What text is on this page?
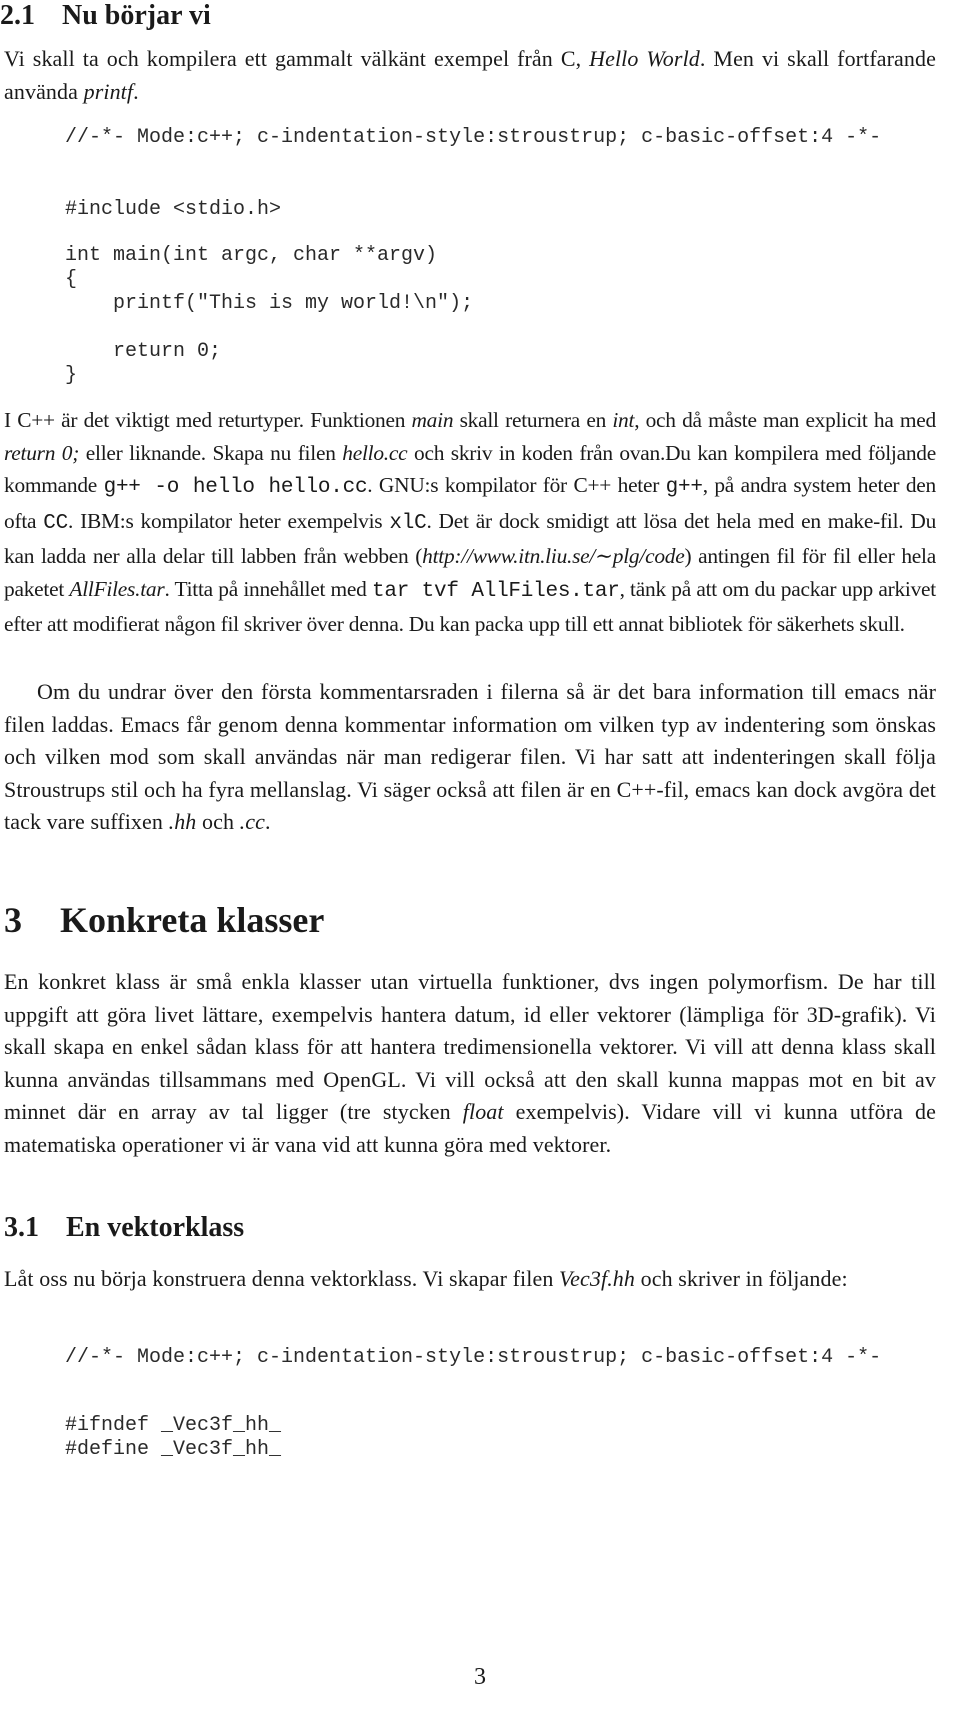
2.1 Nu börjar vi
Vi skall ta och kompilera ett gammalt välkänt exempel från C, Hello World. Men vi skall fortfarande använda printf.
//-*- Mode:c++; c-indentation-style:stroustrup; c-basic-offset:4 -*-
#include <stdio.h>
int main(int argc, char **argv)
{
printf("This is my world!\n");
return 0;
}
I C++ är det viktigt med returtyper. Funktionen main skall returnera en int, och då måste man explicit ha med return 0; eller liknande. Skapa nu filen hello.cc och skriv in koden från ovan.Du kan kompilera med följande kommande g++ -o hello hello.cc. GNU:s kompilator för C++ heter g++, på andra system heter den ofta CC. IBM:s kompilator heter exempelvis xlC. Det är dock smidigt att lösa det hela med en make-fil. Du kan ladda ner alla delar till labben från webben (http://www.itn.liu.se/∼plg/code) antingen fil för fil eller hela paketet AllFiles.tar. Titta på innehållet med tar tvf AllFiles.tar, tänk på att om du packar upp arkivet efter att modifierat någon fil skriver över denna. Du kan packa upp till ett annat bibliotek för säkerhets skull.
Om du undrar över den första kommentarsraden i filerna så är det bara information till emacs när filen laddas. Emacs får genom denna kommentar information om vilken typ av indentering som önskas och vilken mod som skall användas när man redigerar filen. Vi har satt att indenteringen skall följa Stroustrups stil och ha fyra mellanslag. Vi säger också att filen är en C++-fil, emacs kan dock avgöra det tack vare suffixen .hh och .cc.
3 Konkreta klasser
En konkret klass är små enkla klasser utan virtuella funktioner, dvs ingen polymorfism. De har till uppgift att göra livet lättare, exempelvis hantera datum, id eller vektorer (lämpliga för 3D-grafik). Vi skall skapa en enkel sådan klass för att hantera tredimensionella vektorer. Vi vill att denna klass skall kunna användas tillsammans med OpenGL. Vi vill också att den skall kunna mappas mot en bit av minnet där en array av tal ligger (tre stycken float exempelvis). Vidare vill vi kunna utföra de matematiska operationer vi är vana vid att kunna göra med vektorer.
3.1 En vektorklass
Låt oss nu börja konstruera denna vektorklass. Vi skapar filen Vec3f.hh och skriver in följande:
//-*- Mode:c++; c-indentation-style:stroustrup; c-basic-offset:4 -*-
#ifndef _Vec3f_hh_
#define _Vec3f_hh_
3
